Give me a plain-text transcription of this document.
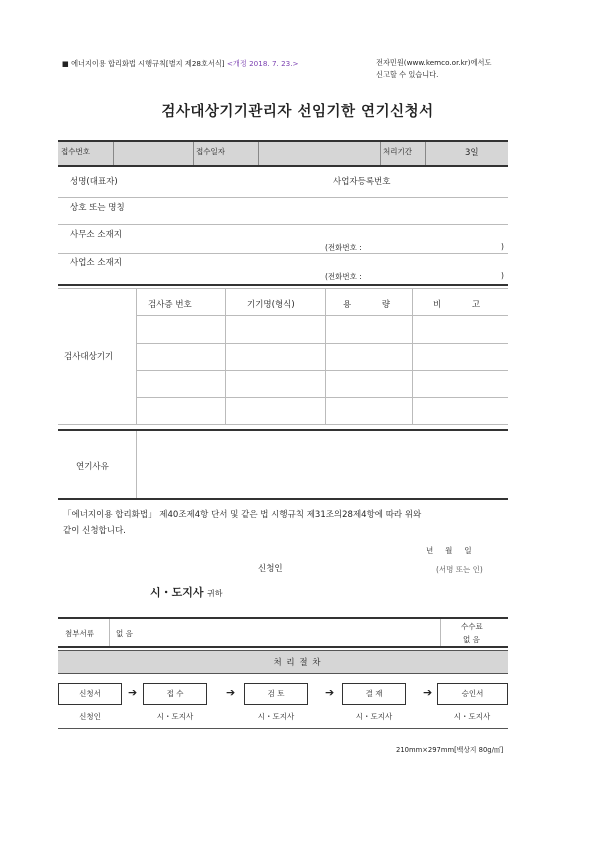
■ 에너지이용 합리화법 시행규칙[별지 제28호서식] <개정 2018. 7. 23.>	전자민원(www.kemco.or.kr)에서도
신고할 수 있습니다.
검사대상기기관리자 선임기한 연기신청서
접수번호	접수일자	처리기간	3일
성명(대표자)	사업자등록번호
상호 또는 명칭
사무소 소재지
(전화번호 :	)
사업소 소재지
(전화번호 :	)
검사증 번호	기기명(형식)	용 량	비 고
검사대상기기
연기사유
「에너지이용 합리화법」 제40조제4항 단서 및 같은 법 시행규칙 제31조의28제4항에 따라 위와
같이 신청합니다.
년     월     일
신청인	(서명 또는 인)
시・도지사 귀하
첨부서류	없 음
수수료
없 음
처 리 절 차
신청서	➔	접 수	➔	검 토	➔	결 재	➔	승인서
신청인	시・도지사	시・도지사	시・도지사	시・도지사
210mm×297mm[백상지 80g/㎡]
